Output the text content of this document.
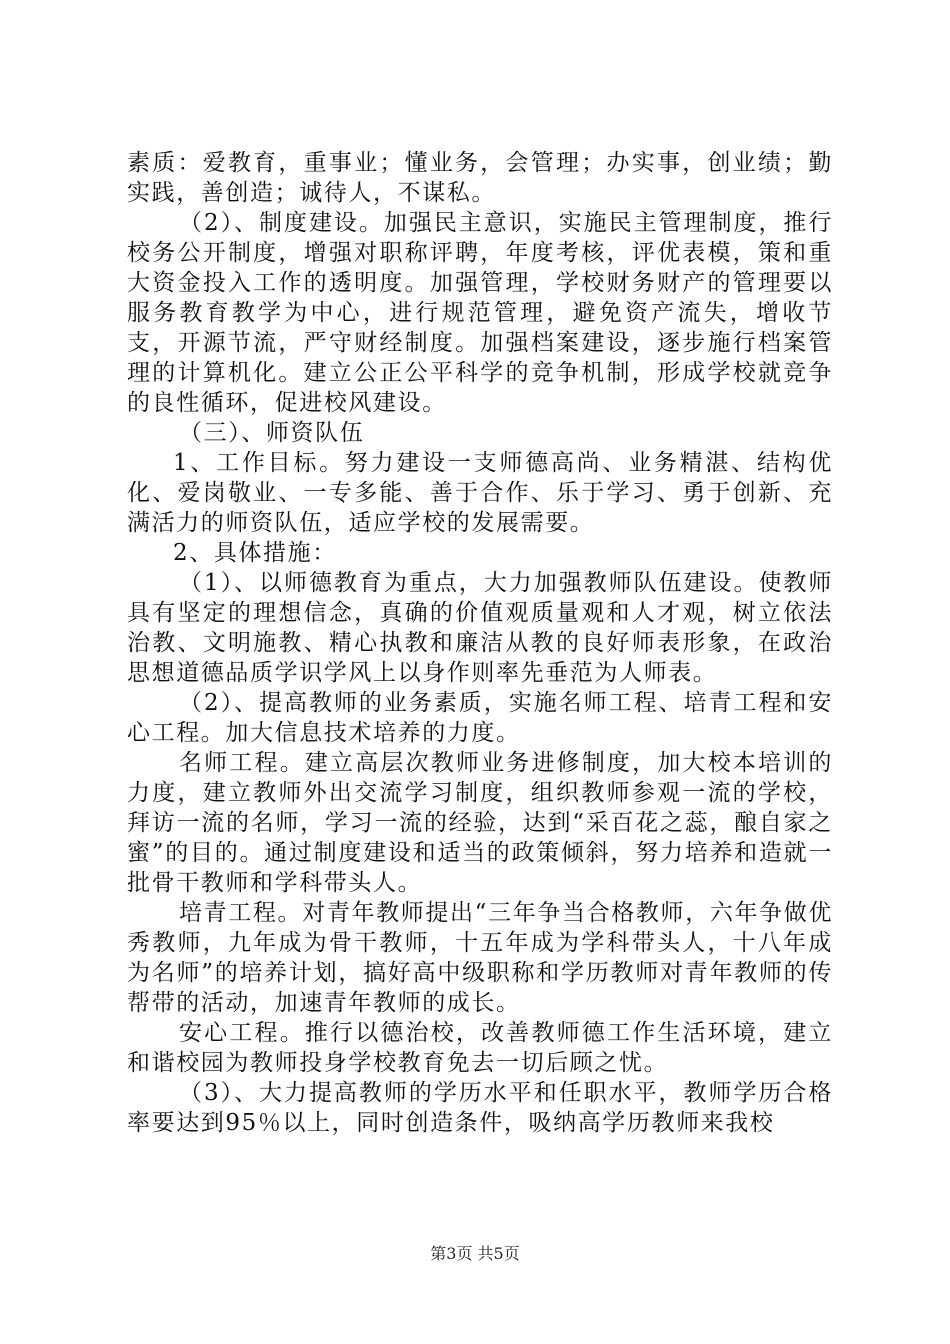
素质：爱教育，重事业；懂业务，会管理；办实事，创业绩；勤实践，善创造；诚待人，不谋私。

（2）、制度建设。加强民主意识，实施民主管理制度，推行校务公开制度，增强对职称评聘，年度考核，评优表模，策和重大资金投入工作的透明度。加强管理，学校财务财产的管理要以服务教育教学为中心，进行规范管理，避免资产流失，增收节支，开源节流，严守财经制度。加强档案建设，逐步施行档案管理的计算机化。建立公正公平科学的竞争机制，形成学校就竞争的良性循环，促进校风建设。

（三）、师资队伍

1、工作目标。努力建设一支师德高尚、业务精湛、结构优化、爱岗敬业、一专多能、善于合作、乐于学习、勇于创新、充满活力的师资队伍，适应学校的发展需要。

2、具体措施：

（1）、以师德教育为重点，大力加强教师队伍建设。使教师具有坚定的理想信念，真确的价值观质量观和人才观，树立依法治教、文明施教、精心执教和廉洁从教的良好师表形象，在政治思想道德品质学识学风上以身作则率先垂范为人师表。

（2）、提高教师的业务素质，实施名师工程、培青工程和安心工程。加大信息技术培养的力度。

名师工程。建立高层次教师业务进修制度，加大校本培训的力度，建立教师外出交流学习制度，组织教师参观一流的学校，拜访一流的名师，学习一流的经验，达到“采百花之蕊，酿自家之蜜”的目的。通过制度建设和适当的政策倾斜，努力培养和造就一批骨干教师和学科带头人。

培青工程。对青年教师提出“三年争当合格教师，六年争做优秀教师，九年成为骨干教师，十五年成为学科带头人，十八年成为名师”的培养计划，搞好高中级职称和学历教师对青年教师的传帮带的活动，加速青年教师的成长。

安心工程。推行以德治校，改善教师德工作生活环境，建立和谐校园为教师投身学校教育免去一切后顾之忧。

（3）、大力提高教师的学历水平和任职水平，教师学历合格率要达到95％以上，同时创造条件，吸纳高学历教师来我校

第3页 共5页
